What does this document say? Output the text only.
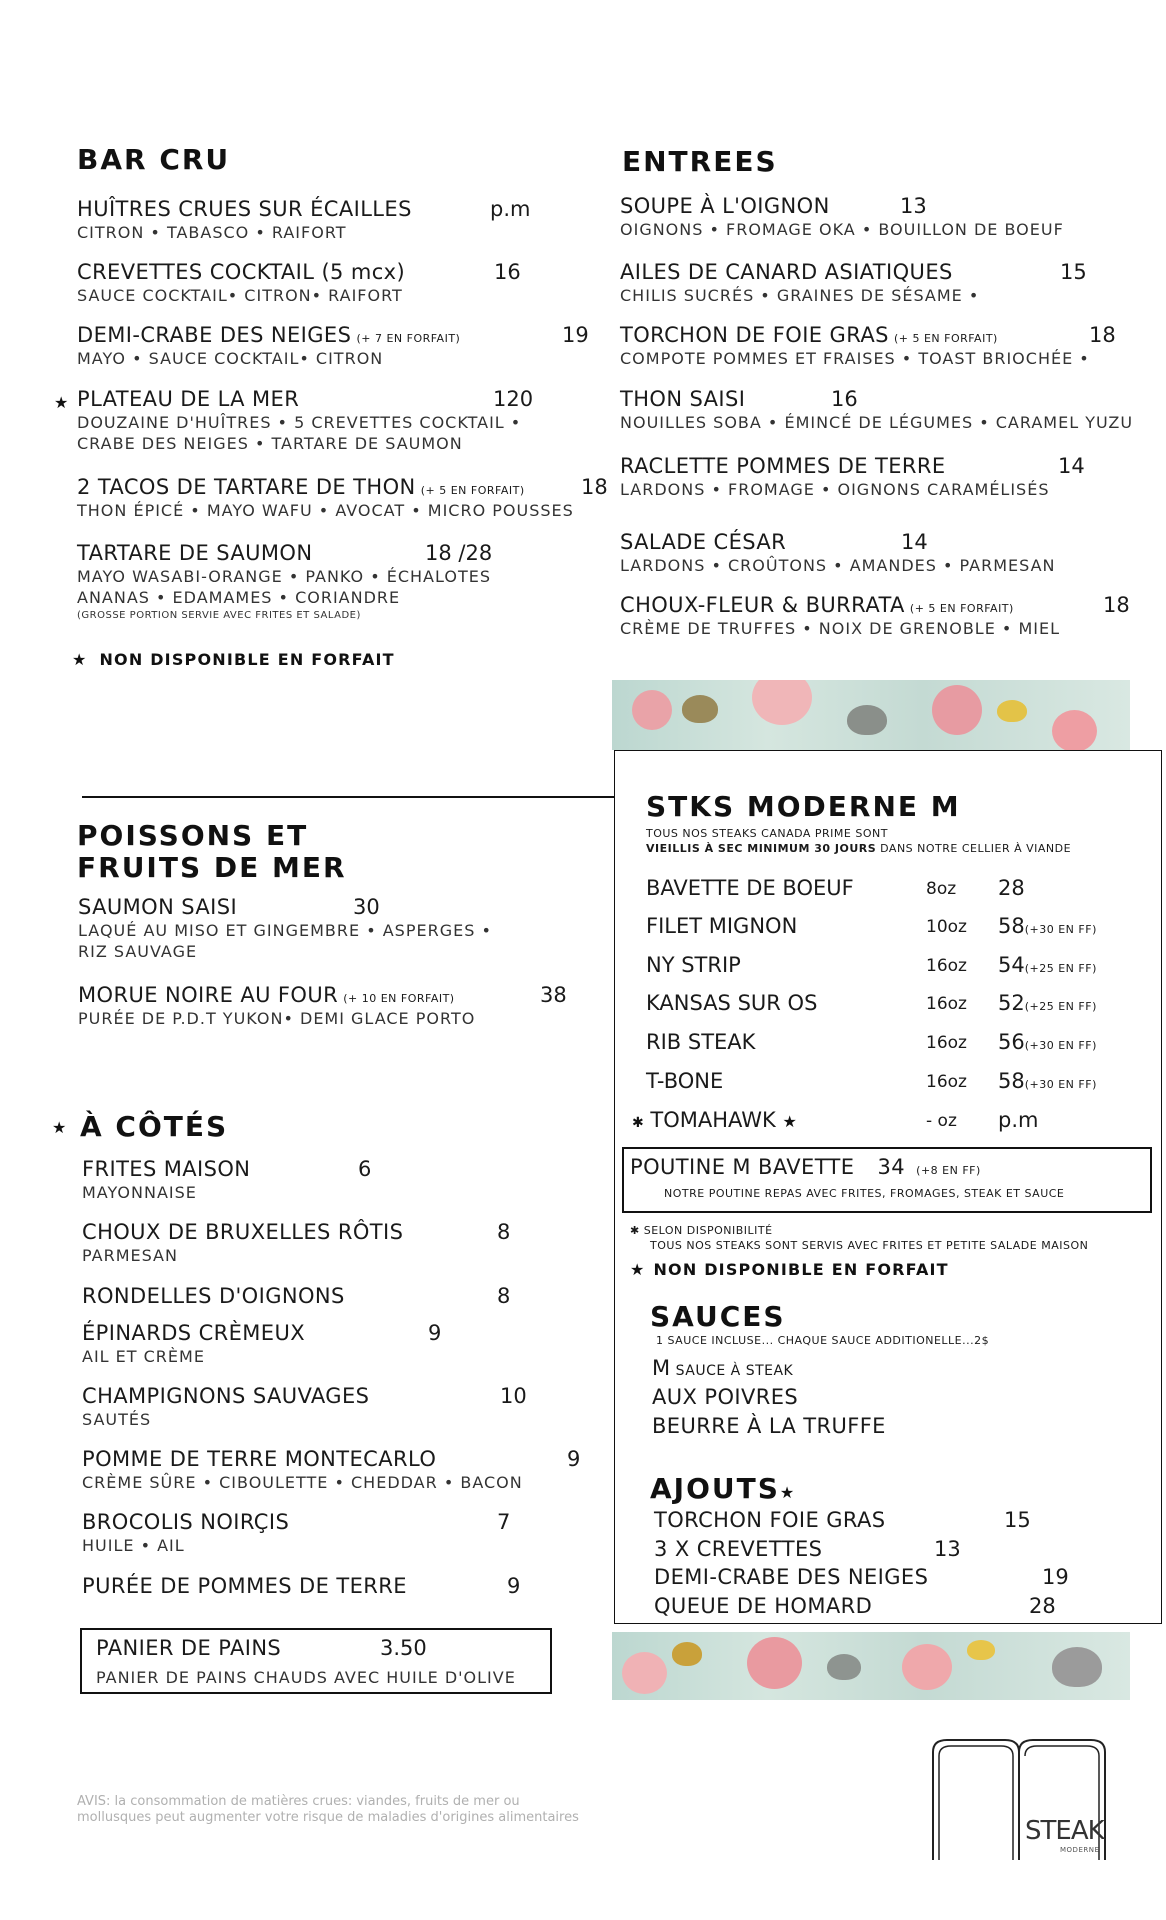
BAR CRU
HUÎTRES CRUES SUR ÉCAILLES	p.m
CITRON • TABASCO • RAIFORT
CREVETTES COCKTAIL (5 mcx)	16
SAUCE COCKTAIL• CITRON• RAIFORT
DEMI-CRABE DES NEIGES (+ 7 EN FORFAIT)	19
MAYO • SAUCE COCKTAIL• CITRON
★ PLATEAU DE LA MER	120
DOUZAINE D'HUÎTRES • 5 CREVETTES COCKTAIL •
CRABE DES NEIGES • TARTARE DE SAUMON
2 TACOS DE TARTARE DE THON (+ 5 EN FORFAIT)	18
THON ÉPICÉ • MAYO WAFU • AVOCAT • MICRO POUSSES
TARTARE DE SAUMON	18 /28
MAYO WASABI-ORANGE • PANKO • ÉCHALOTES
ANANAS • EDAMAMES • CORIANDRE
(GROSSE PORTION SERVIE AVEC FRITES ET SALADE)
★ NON DISPONIBLE EN FORFAIT
ENTREES
SOUPE À L'OIGNON	13
OIGNONS • FROMAGE OKA • BOUILLON DE BOEUF
AILES DE CANARD ASIATIQUES	15
CHILIS SUCRÉS • GRAINES DE SÉSAME •
TORCHON DE FOIE GRAS (+ 5 EN FORFAIT)	18
COMPOTE POMMES ET FRAISES • TOAST BRIOCHÉE •
THON SAISI	16
NOUILLES SOBA • ÉMINCÉ DE LÉGUMES • CARAMEL YUZU
RACLETTE POMMES DE TERRE	14
LARDONS • FROMAGE • OIGNONS CARAMÉLISÉS
SALADE CÉSAR	14
LARDONS • CROÛTONS • AMANDES • PARMESAN
CHOUX-FLEUR & BURRATA (+ 5 EN FORFAIT)	18
CRÈME DE TRUFFES • NOIX DE GRENOBLE • MIEL
POISSONS ET
FRUITS DE MER
SAUMON SAISI	30
LAQUÉ AU MISO ET GINGEMBRE • ASPERGES •
RIZ SAUVAGE
MORUE NOIRE AU FOUR (+ 10 EN FORFAIT)	38
PURÉE DE P.D.T YUKON• DEMI GLACE PORTO
★ À CÔTÉS
FRITES MAISON	6
MAYONNAISE
CHOUX DE BRUXELLES RÔTIS	8
PARMESAN
RONDELLES D'OIGNONS	8
ÉPINARDS CRÈMEUX	9
AIL ET CRÈME
CHAMPIGNONS SAUVAGES	10
SAUTÉS
POMME DE TERRE MONTECARLO	9
CRÈME SÛRE • CIBOULETTE • CHEDDAR • BACON
BROCOLIS NOIRÇIS	7
HUILE • AIL
PURÉE DE POMMES DE TERRE	9
PANIER DE PAINS	3.50
PANIER DE PAINS CHAUDS AVEC HUILE D'OLIVE
AVIS: la consommation de matières crues: viandes, fruits de mer ou
mollusques peut augmenter votre risque de maladies d'origines alimentaires
STKS MODERNE M
TOUS NOS STEAKS CANADA PRIME SONT
VIEILLIS À SEC MINIMUM 30 JOURS DANS NOTRE CELLIER À VIANDE
BAVETTE DE BOEUF	8oz 28
FILET MIGNON	10oz 58(+30 EN FF)
NY STRIP	16oz 54(+25 EN FF)
KANSAS SUR OS	16oz 52(+25 EN FF)
RIB STEAK	16oz 56(+30 EN FF)
T-BONE	16oz 58(+30 EN FF)
✱ TOMAHAWK ★	- oz p.m
POUTINE M BAVETTE 34 (+8 EN FF)
NOTRE POUTINE REPAS AVEC FRITES, FROMAGES, STEAK ET SAUCE
✱ SELON DISPONIBILITÉ
TOUS NOS STEAKS SONT SERVIS AVEC FRITES ET PETITE SALADE MAISON
★ NON DISPONIBLE EN FORFAIT
SAUCES
1 SAUCE INCLUSE... CHAQUE SAUCE ADDITIONELLE...2$
M SAUCE À STEAK
AUX POIVRES
BEURRE À LA TRUFFE
AJOUTS★
TORCHON FOIE GRAS	15
3 X CREVETTES	13
DEMI-CRABE DES NEIGES	19
QUEUE DE HOMARD	28
STEAK
MODERNE
